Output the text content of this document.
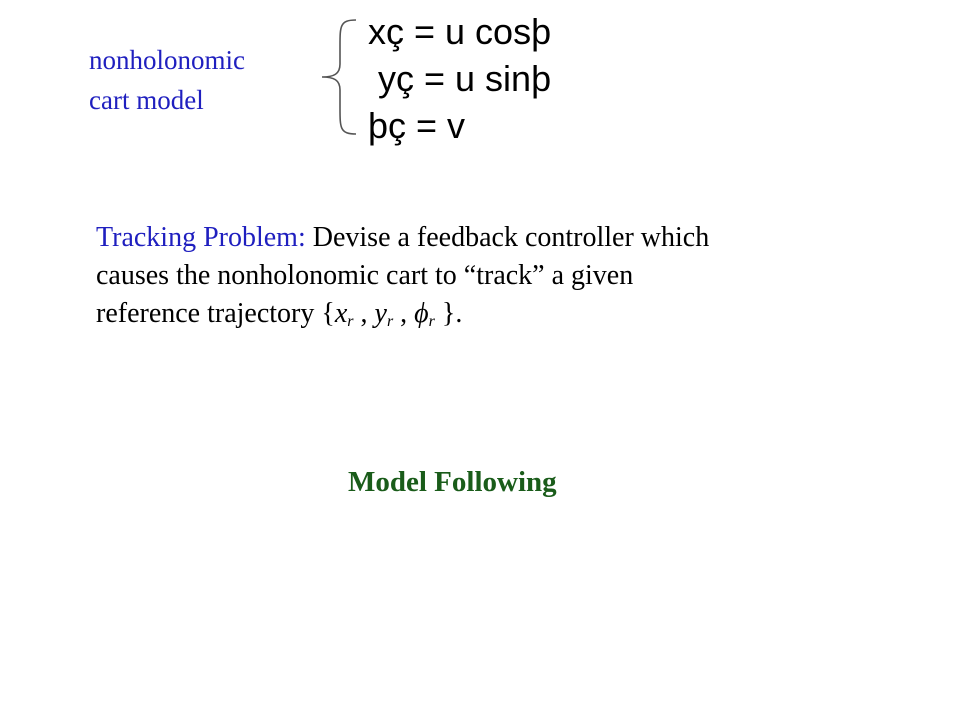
nonholonomic
cart model
xç = u cosþ
yç = u sinþ
þç = v
Tracking Problem: Devise a feedback controller which
causes the nonholonomic cart to “track” a given
reference trajectory {$x_r$ , $y_r$ , $\phi_r$ }.
Model Following
